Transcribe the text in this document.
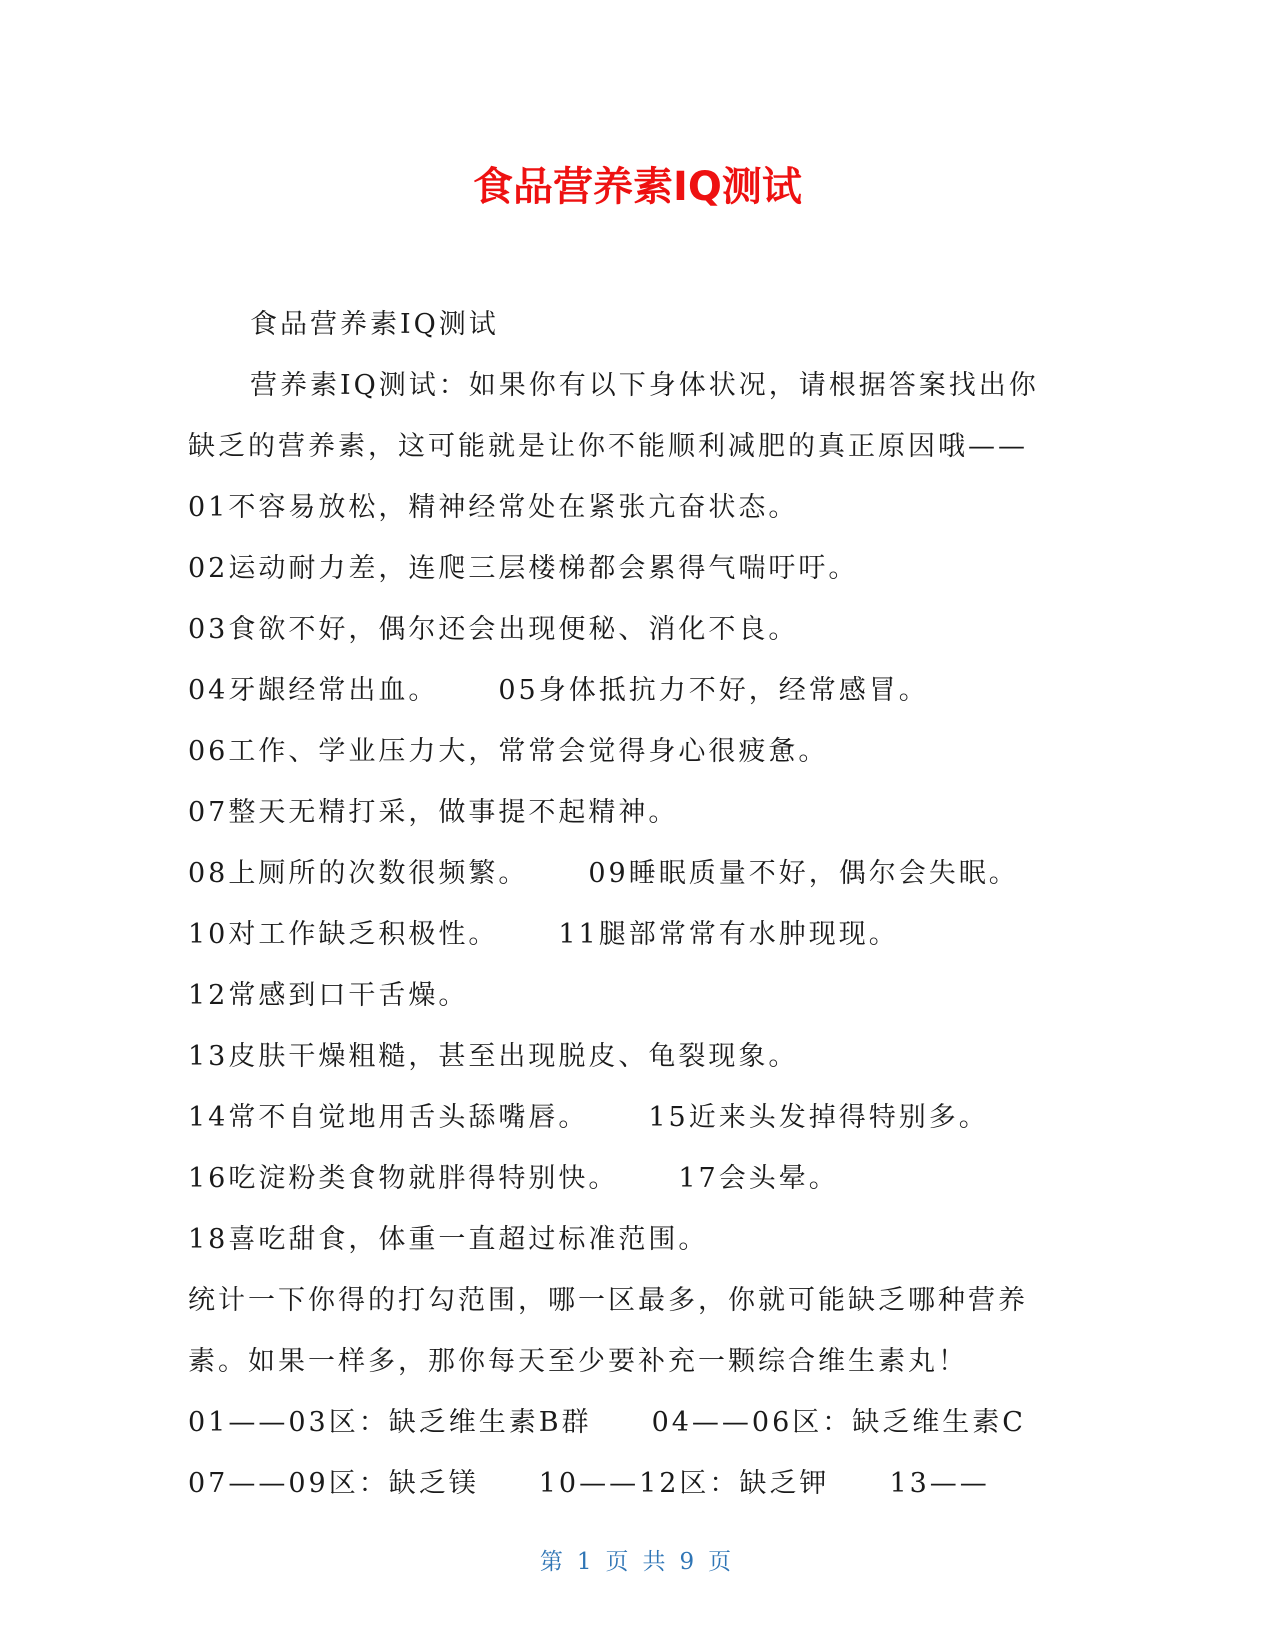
食品营养素IQ测试
食品营养素IQ测试
营养素IQ测试：如果你有以下身体状况，请根据答案找出你
缺乏的营养素，这可能就是让你不能顺利减肥的真正原因哦——
01不容易放松，精神经常处在紧张亢奋状态。
02运动耐力差，连爬三层楼梯都会累得气喘吁吁。
03食欲不好，偶尔还会出现便秘、消化不良。
04牙龈经常出血。 05身体抵抗力不好，经常感冒。
06工作、学业压力大，常常会觉得身心很疲惫。
07整天无精打采，做事提不起精神。
08上厕所的次数很频繁。 09睡眠质量不好，偶尔会失眠。
10对工作缺乏积极性。 11腿部常常有水肿现现。
12常感到口干舌燥。
13皮肤干燥粗糙，甚至出现脱皮、龟裂现象。
14常不自觉地用舌头舔嘴唇。 15近来头发掉得特别多。
16吃淀粉类食物就胖得特别快。 17会头晕。
18喜吃甜食，体重一直超过标准范围。
统计一下你得的打勾范围，哪一区最多，你就可能缺乏哪种营养
素。如果一样多，那你每天至少要补充一颗综合维生素丸！
01——03区：缺乏维生素B群 04——06区：缺乏维生素C
07——09区：缺乏镁 10——12区：缺乏钾 13——
第 1 页 共 9 页
